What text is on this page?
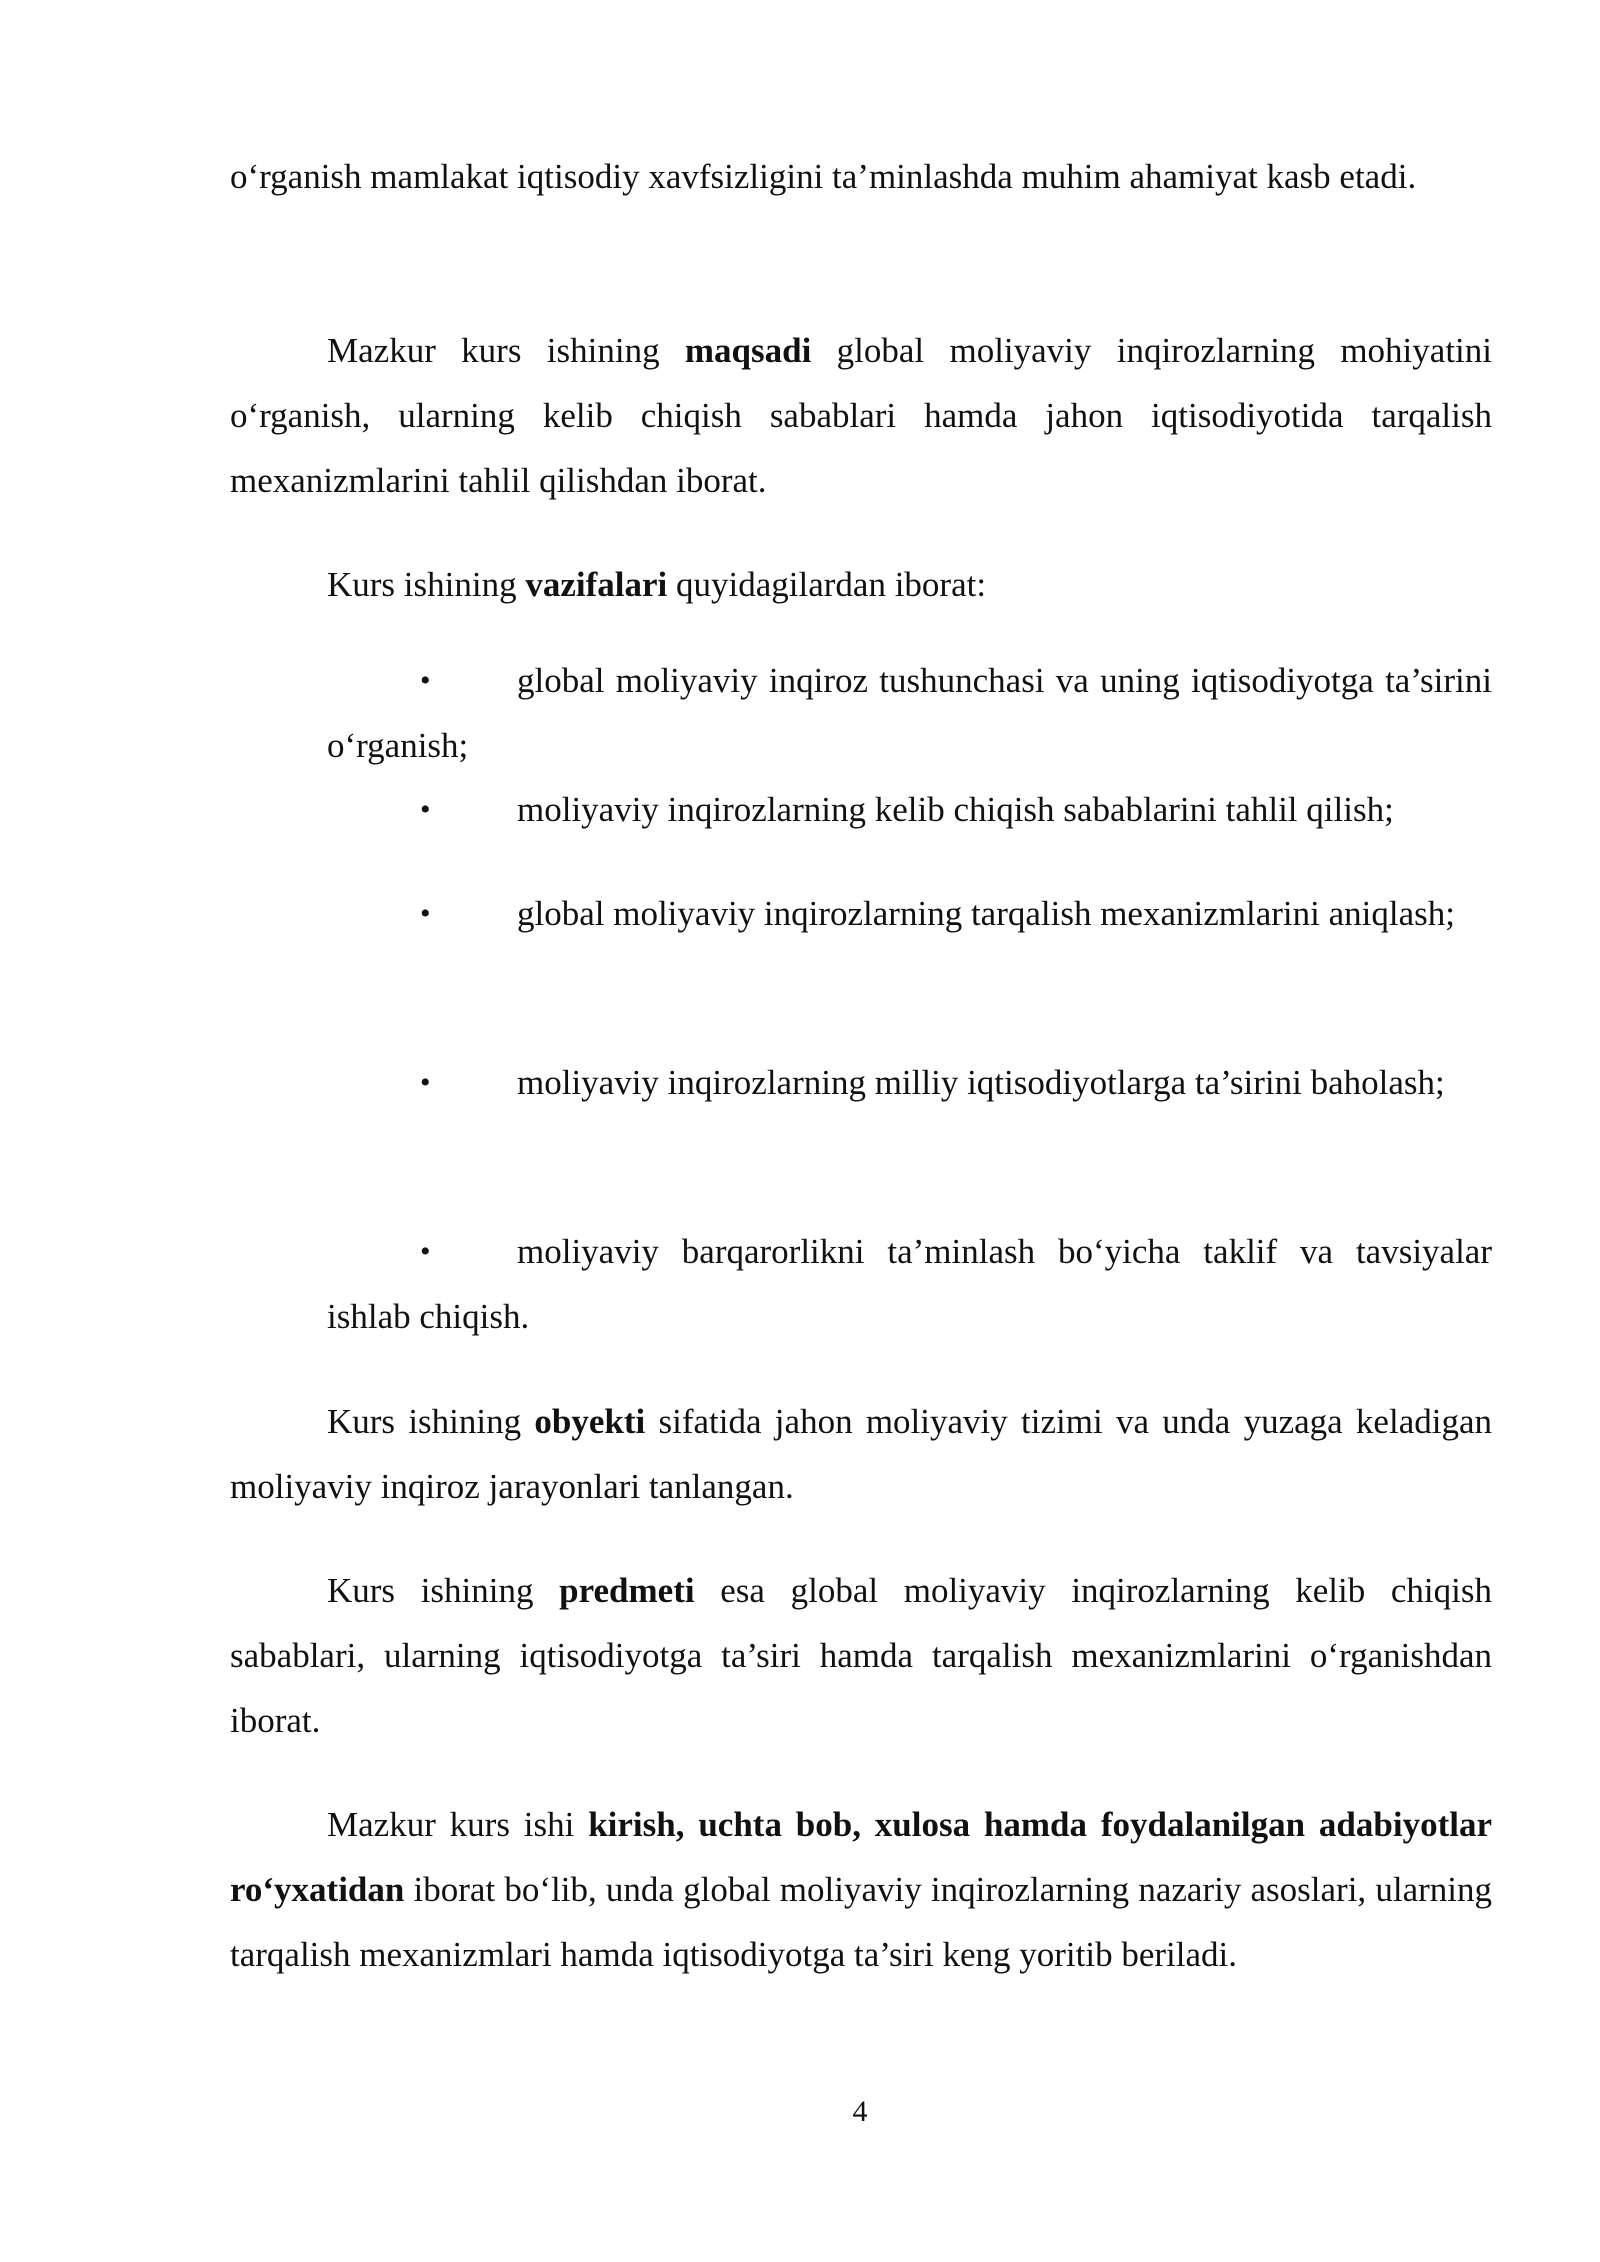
o‘rganish mamlakat iqtisodiy xavfsizligini ta’minlashda muhim ahamiyat kasb etadi.

Mazkur kurs ishining maqsadi global moliyaviy inqirozlarning mohiyatini o‘rganish, ularning kelib chiqish sabablari hamda jahon iqtisodiyotida tarqalish mexanizmlarini tahlil qilishdan iborat.

Kurs ishining vazifalari quyidagilardan iborat:

• global moliyaviy inqiroz tushunchasi va uning iqtisodiyotga ta’sirini o‘rganish;

• moliyaviy inqirozlarning kelib chiqish sabablarini tahlil qilish;

• global moliyaviy inqirozlarning tarqalish mexanizmlarini aniqlash;

• moliyaviy inqirozlarning milliy iqtisodiyotlarga ta’sirini baholash;

• moliyaviy barqarorlikni ta’minlash bo‘yicha taklif va tavsiyalar ishlab chiqish.

Kurs ishining obyekti sifatida jahon moliyaviy tizimi va unda yuzaga keladigan moliyaviy inqiroz jarayonlari tanlangan.

Kurs ishining predmeti esa global moliyaviy inqirozlarning kelib chiqish sabablari, ularning iqtisodiyotga ta’siri hamda tarqalish mexanizmlarini o‘rganishdan iborat.

Mazkur kurs ishi kirish, uchta bob, xulosa hamda foydalanilgan adabiyotlar ro‘yxatidan iborat bo‘lib, unda global moliyaviy inqirozlarning nazariy asoslari, ularning tarqalish mexanizmlari hamda iqtisodiyotga ta’siri keng yoritib beriladi.

4
